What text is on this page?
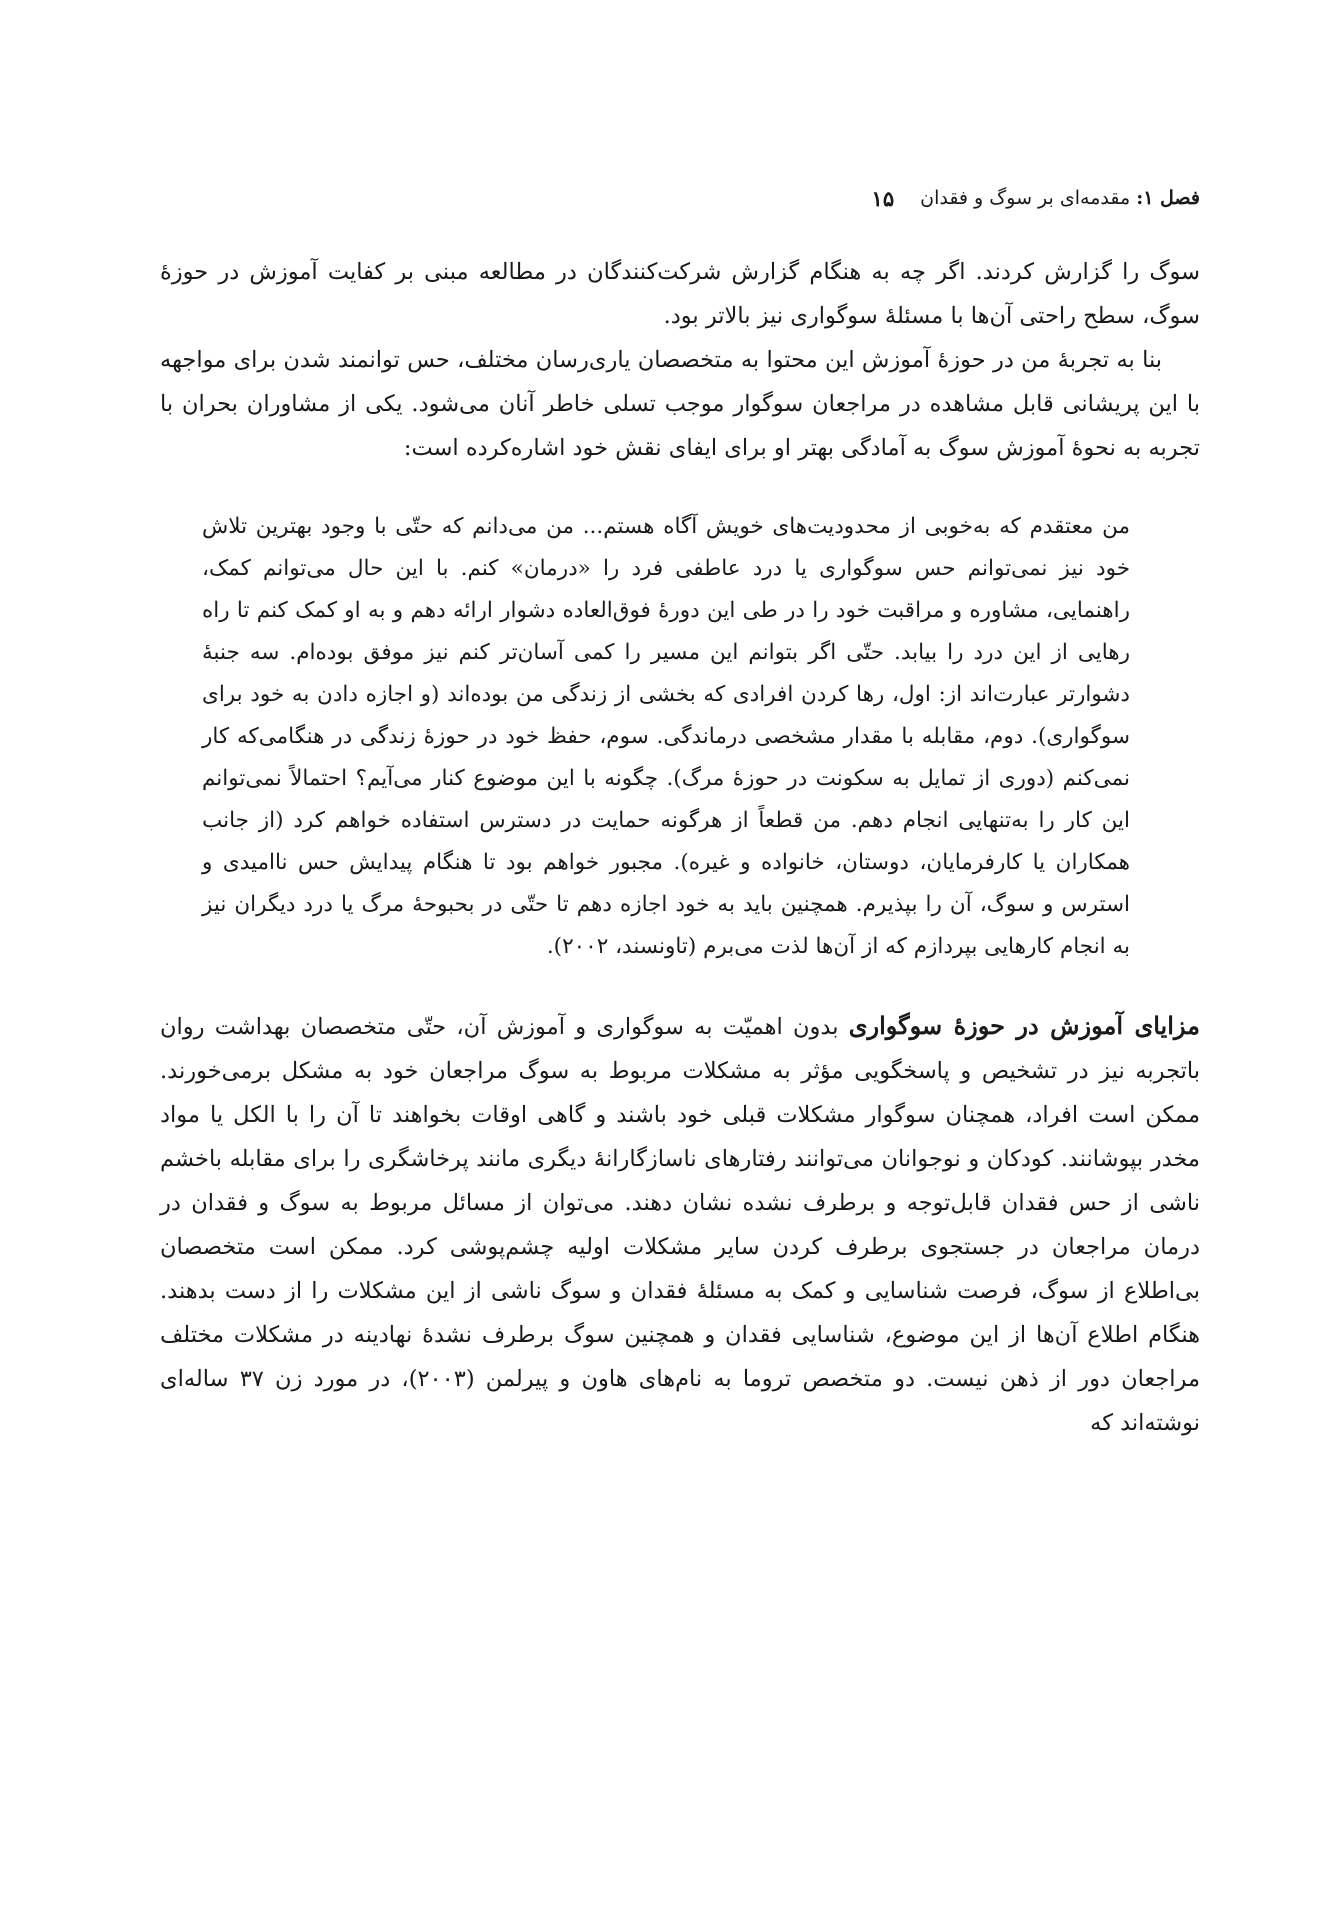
فصل ۱: مقدمه‌ای بر سوگ و فقدان
۱۵

سوگ را گزارش کردند. اگر چه به هنگام گزارش شرکت‌کنندگان در مطالعه مبنی بر کفایت آموزش در حوزهٔ سوگ، سطح راحتی آن‌ها با مسئلهٔ سوگواری نیز بالاتر بود.

بنا به تجربهٔ من در حوزهٔ آموزش این محتوا به متخصصان یاری‌رسان مختلف، حس توانمند شدن برای مواجهه با این پریشانی قابل مشاهده در مراجعان سوگوار موجب تسلی خاطر آنان می‌شود. یکی از مشاوران بحران با تجربه به نحوهٔ آموزش سوگ به آمادگی بهتر او برای ایفای نقش خود اشاره‌کرده است:

من معتقدم که به‌خوبی از محدودیت‌های خویش آگاه هستم... من می‌دانم که حتّی با وجود بهترین تلاش خود نیز نمی‌توانم حس سوگواری یا درد عاطفی فرد را «درمان» کنم. با این حال می‌توانم کمک، راهنمایی، مشاوره و مراقبت خود را در طی این دورهٔ فوق‌العاده دشوار ارائه دهم و به او کمک کنم تا راه رهایی از این درد را بیابد. حتّی اگر بتوانم این مسیر را کمی آسان‌تر کنم نیز موفق بوده‌ام. سه جنبهٔ دشوارتر عبارت‌اند از: اول، رها کردن افرادی که بخشی از زندگی من بوده‌اند (و اجازه دادن به خود برای سوگواری). دوم، مقابله با مقدار مشخصی درماندگی. سوم، حفظ خود در حوزهٔ زندگی در هنگامی‌که کار نمی‌کنم (دوری از تمایل به سکونت در حوزهٔ مرگ). چگونه با این موضوع کنار می‌آیم؟ احتمالاً نمی‌توانم این کار را به‌تنهایی انجام دهم. من قطعاً از هرگونه حمایت در دسترس استفاده خواهم کرد (از جانب همکاران یا کارفرمایان، دوستان، خانواده و غیره). مجبور خواهم بود تا هنگام پیدایش حس ناامیدی و استرس و سوگ، آن را بپذیرم. همچنین باید به خود اجازه دهم تا حتّی در بحبوحهٔ مرگ یا درد دیگران نیز به انجام کارهایی بپردازم که از آن‌ها لذت می‌برم (تاونسند، ۲۰۰۲).

مزایای آموزش در حوزهٔ سوگواری بدون اهمیّت به سوگواری و آموزش آن، حتّی متخصصان بهداشت روان باتجربه نیز در تشخیص و پاسخگویی مؤثر به مشکلات مربوط به سوگ مراجعان خود به مشکل برمی‌خورند. ممکن است افراد، همچنان سوگوار مشکلات قبلی خود باشند و گاهی اوقات بخواهند تا آن را با الکل یا مواد مخدر بپوشانند. کودکان و نوجوانان می‌توانند رفتارهای ناسازگارانهٔ دیگری مانند پرخاشگری را برای مقابله باخشم ناشی از حس فقدان قابل‌توجه و برطرف نشده نشان دهند. می‌توان از مسائل مربوط به سوگ و فقدان در درمان مراجعان در جستجوی برطرف کردن سایر مشکلات اولیه چشم‌پوشی کرد. ممکن است متخصصان بی‌اطلاع از سوگ، فرصت شناسایی و کمک به مسئلهٔ فقدان و سوگ ناشی از این مشکلات را از دست بدهند. هنگام اطلاع آن‌ها از این موضوع، شناسایی فقدان و همچنین سوگ برطرف نشدهٔ نهادینه در مشکلات مختلف مراجعان دور از ذهن نیست. دو متخصص تروما به نام‌های هاون و پیرلمن (۲۰۰۳)، در مورد زن ۳۷ ساله‌ای نوشته‌اند که
